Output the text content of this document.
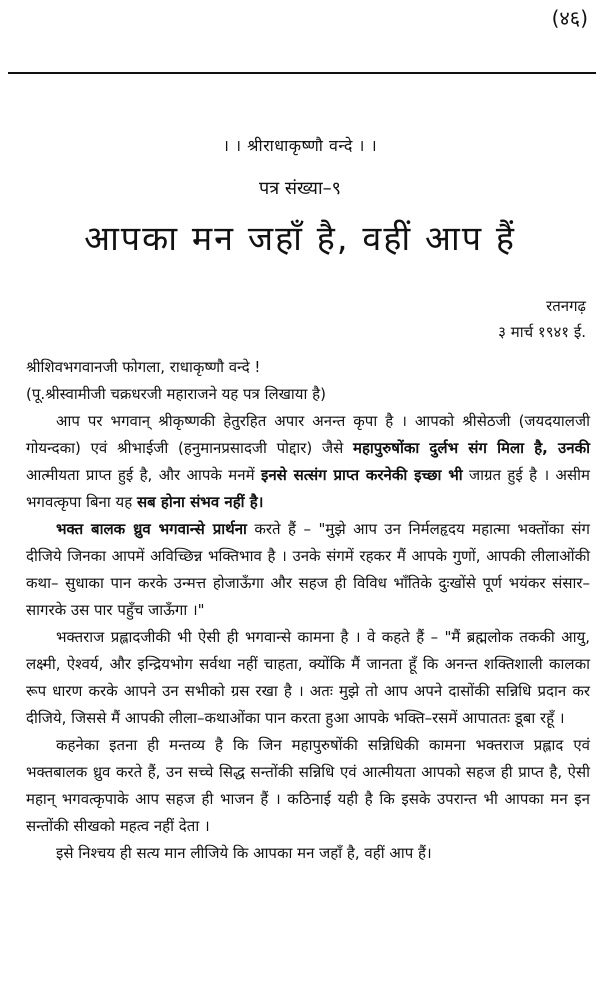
(४६)
। । श्रीराधाकृष्णौ वन्दे । ।
पत्र संख्या–९
आपका मन जहाँ है, वहीं आप हैं
रतनगढ़
३ मार्च १९४१ ई.

श्रीशिवभगवानजी फोगला, राधाकृष्णौ वन्दे !

(पू.श्रीस्वामीजी चक्रधरजी महाराजने यह पत्र लिखाया है)

आप पर भगवान् श्रीकृष्णकी हेतुरहित अपार अनन्त कृपा है । आपको श्रीसेठजी (जयदयालजी गोयन्दका) एवं श्रीभाईजी (हनुमानप्रसादजी पोद्दार) जैसे महापुरुषोंका दुर्लभ संग मिला है, उनकी आत्मीयता प्राप्त हुई है, और आपके मनमें इनसे सत्संग प्राप्त करनेकी इच्छा भी जाग्रत हुई है । असीम भगवत्कृपा बिना यह सब होना संभव नहीं है।

भक्त बालक ध्रुव भगवान्से प्रार्थना करते हैं – "मुझे आप उन निर्मलहृदय महात्मा भक्तोंका संग दीजिये जिनका आपमें अविच्छिन्न भक्तिभाव है । उनके संगमें रहकर मैं आपके गुणों, आपकी लीलाओंकी कथा– सुधाका पान करके उन्मत्त होजाऊँगा और सहज ही विविध भाँतिके दुःखोंसे पूर्ण भयंकर संसार–सागरके उस पार पहुँच जाऊँगा ।"

भक्तराज प्रह्लादजीकी भी ऐसी ही भगवान्से कामना है । वे कहते हैं – "मैं ब्रह्मलोक तककी आयु, लक्ष्मी, ऐश्वर्य, और इन्द्रियभोग सर्वथा नहीं चाहता, क्योंकि मैं जानता हूँ कि अनन्त शक्तिशाली कालका रूप धारण करके आपने उन सभीको ग्रस रखा है । अतः मुझे तो आप अपने दासोंकी सन्निधि प्रदान कर दीजिये, जिससे मैं आपकी लीला–कथाओंका पान करता हुआ आपके भक्ति–रसमें आपाततः डूबा रहूँ ।

कहनेका इतना ही मन्तव्य है कि जिन महापुरुषोंकी सन्निधिकी कामना भक्तराज प्रह्लाद एवं भक्तबालक ध्रुव करते हैं, उन सच्चे सिद्ध सन्तोंकी सन्निधि एवं आत्मीयता आपको सहज ही प्राप्त है, ऐसी महान् भगवत्कृपाके आप सहज ही भाजन हैं । कठिनाई यही है कि इसके उपरान्त भी आपका मन इन सन्तोंकी सीखको महत्व नहीं देता ।

इसे निश्चय ही सत्य मान लीजिये कि आपका मन जहाँ है, वहीं आप हैं।
